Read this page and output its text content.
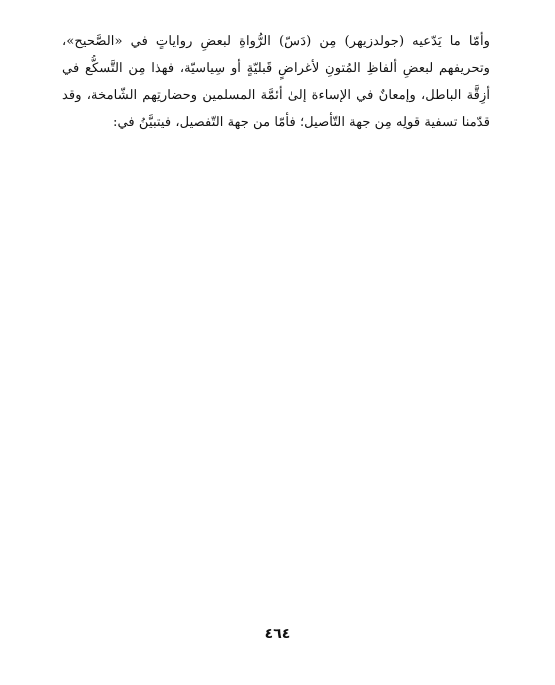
وأمّا ما يَدّعيه (جولدزيهر) مِن (دَسّ) الرُّواةِ لبعضِ رواياتٍ في «الصَّحيح»،
وتحريفهم لبعضِ ألفاظِ المُتونِ لأغراضٍ قَبليّةٍ أو سِياسيّة، فهذا مِن التَّسكُّع في
أزِقَّة الباطل، وإمعانٌ في الإساءة إلىٰ أئمَّة المسلمين وحضارتِهم الشّامخة، وقد
قدّمنا تسفية قولِه مِن جهة التّأصيل؛ فأمّا من جهة التّفصيل، فيتبيَّنُ في:
٤٦٤
